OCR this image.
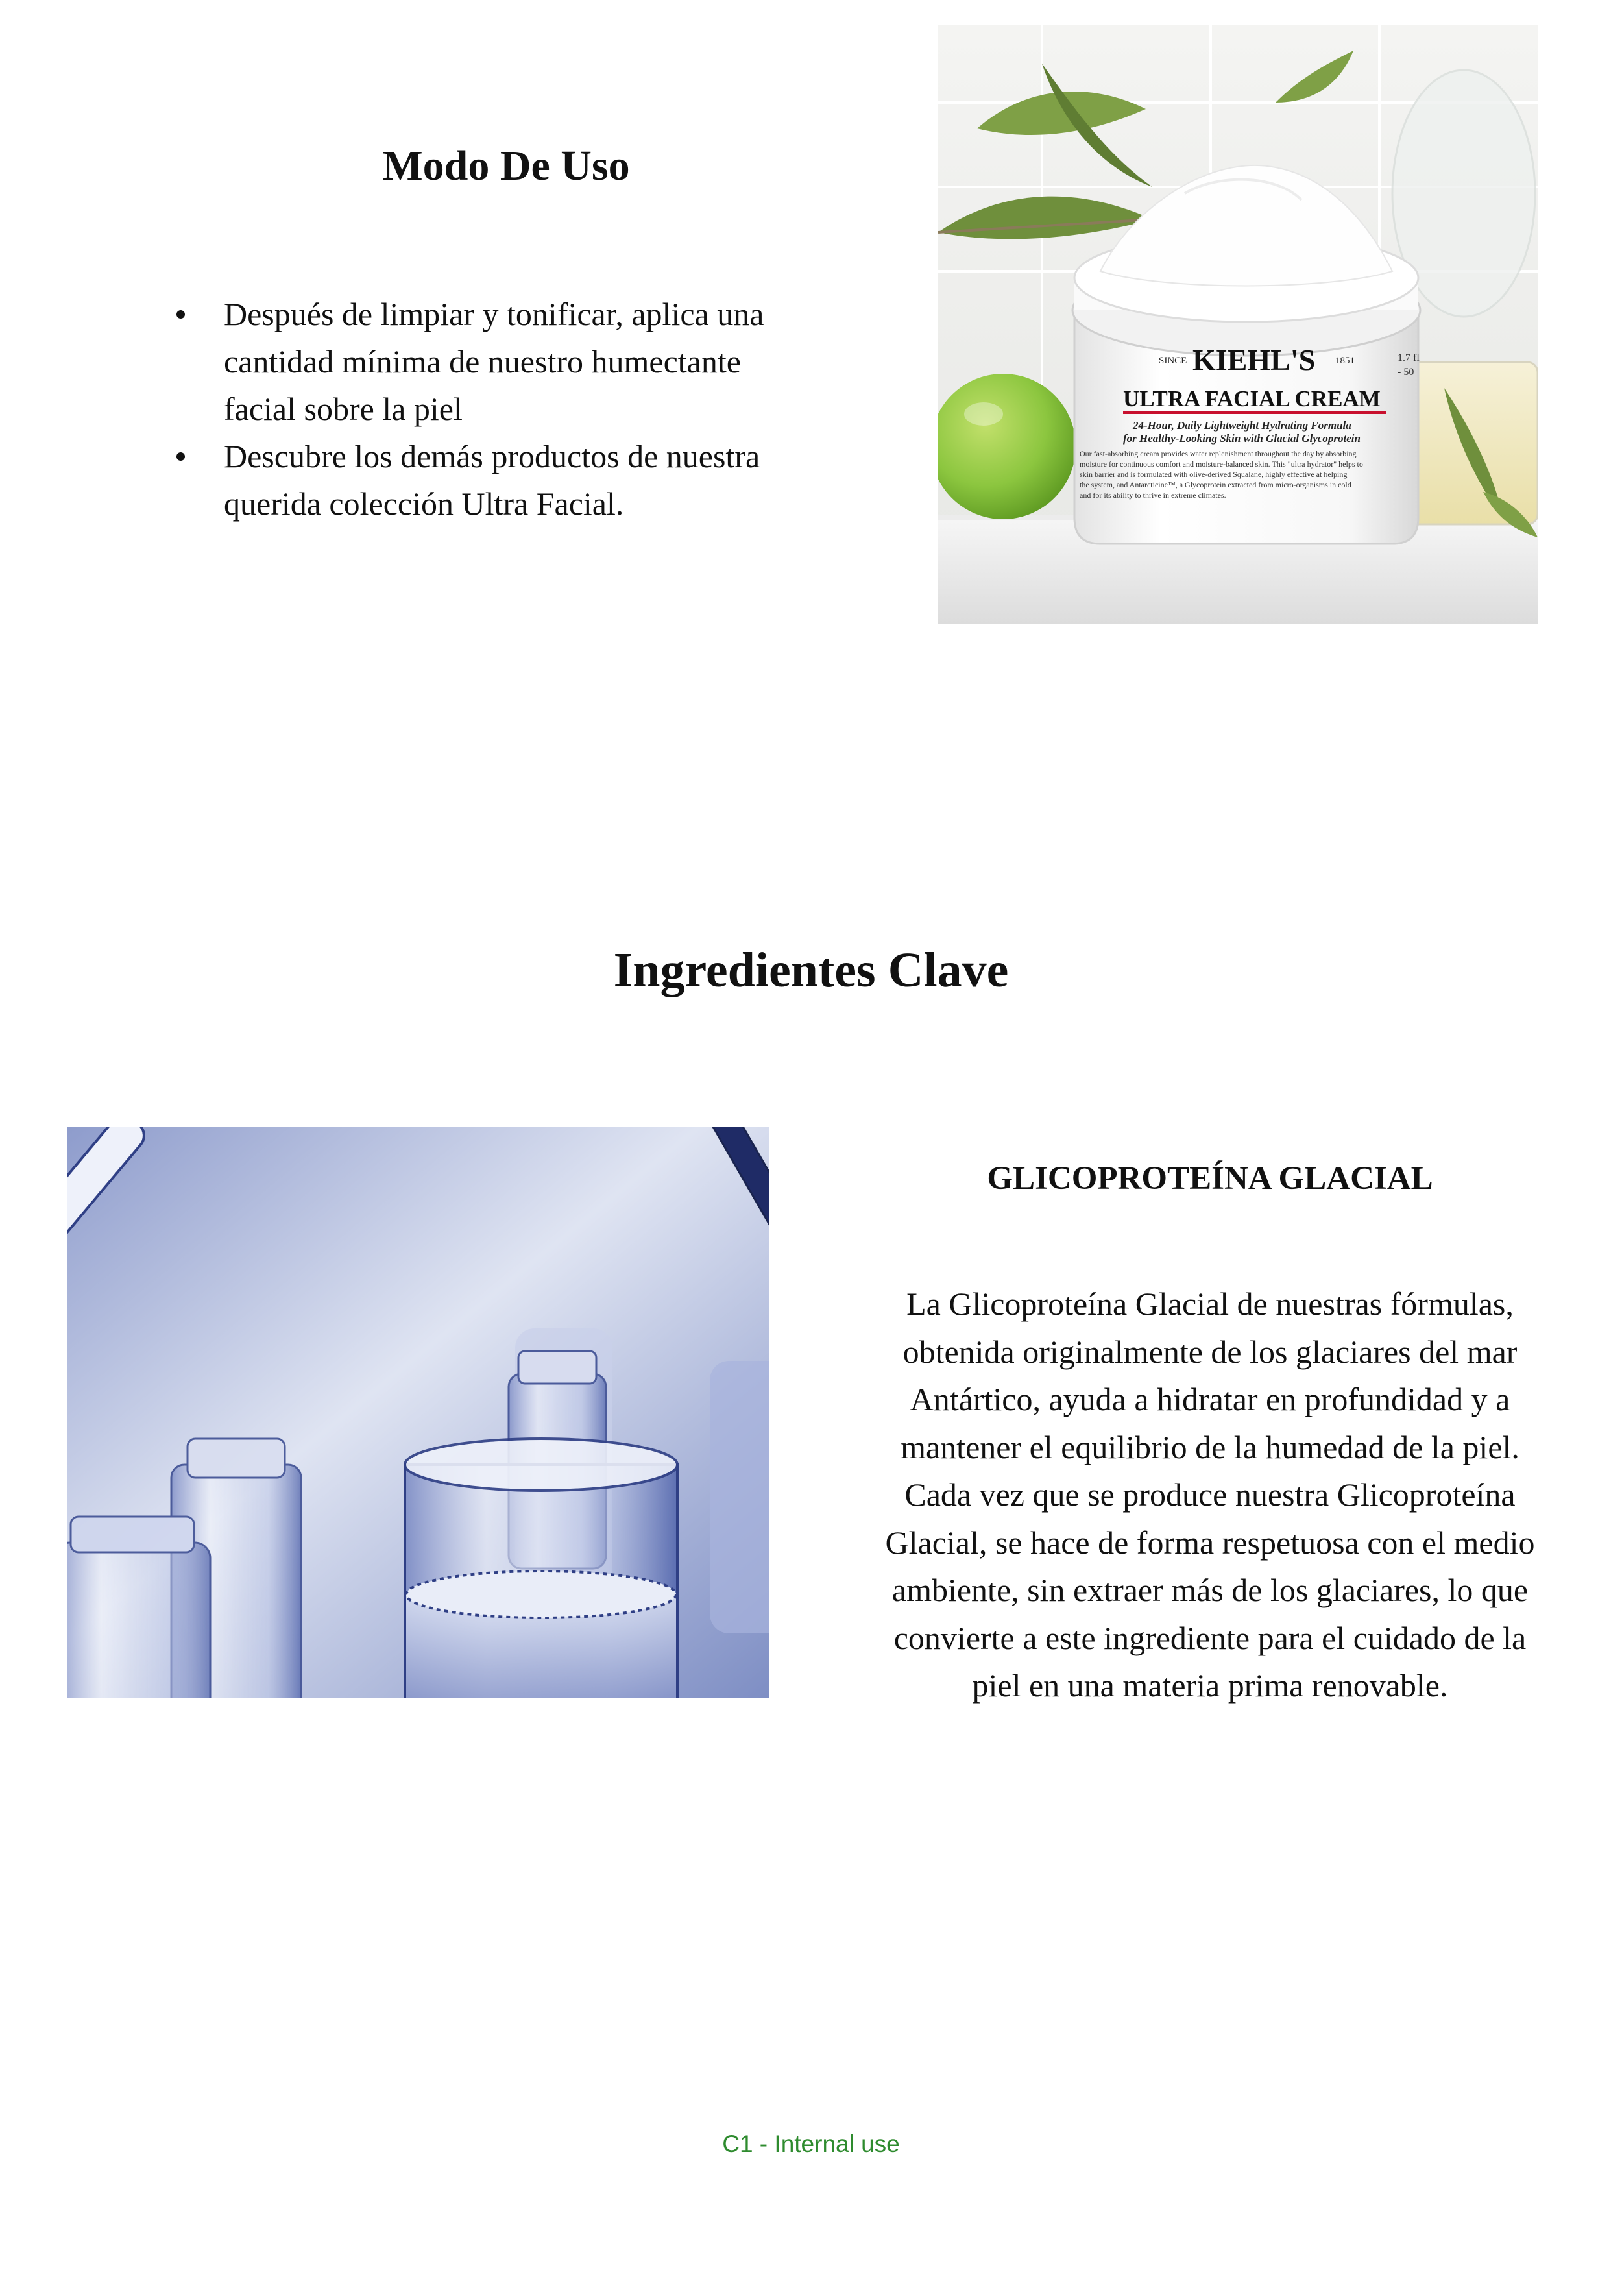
Modo De Uso
Después de limpiar y tonificar, aplica una
cantidad mínima de nuestro humectante
facial sobre la piel
Descubre los demás productos de nuestra
querida colección Ultra Facial.
SINCE KIEHL'S 1851
ULTRA FACIAL CREAM
24-Hour, Daily Lightweight Hydrating Formula
for Healthy-Looking Skin with Glacial Glycoprotein
Our fast-absorbing cream provides water replenishment throughout the day by absorbing
moisture for continuous comfort and moisture-balanced skin. This "ultra hydrator" helps to
skin barrier and is formulated with olive-derived Squalane, highly effective at helping
the system, and Antarcticine™, a Glycoprotein extracted from micro-organisms in cold
and for its ability to thrive in extreme climates.
1.7 fl
- 50
Ingredientes Clave
GLICOPROTEÍNA GLACIAL

La Glicoproteína Glacial de nuestras fórmulas,
obtenida originalmente de los glaciares del mar
Antártico, ayuda a hidratar en profundidad y a
mantener el equilibrio de la humedad de la piel.
Cada vez que se produce nuestra Glicoproteína
Glacial, se hace de forma respetuosa con el medio
ambiente, sin extraer más de los glaciares, lo que
convierte a este ingrediente para el cuidado de la
piel en una materia prima renovable.

C1 - Internal use
